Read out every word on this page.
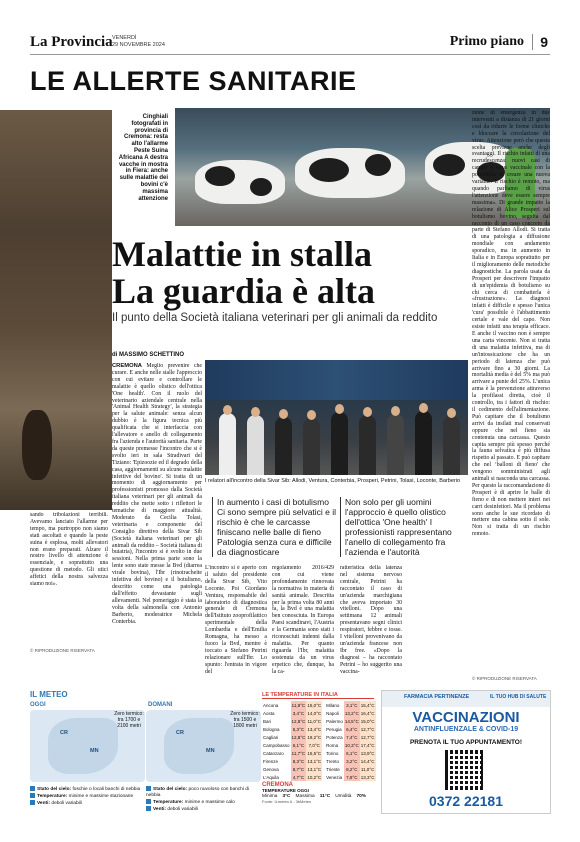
La Provincia VENERDÌ
29 NOVEMBRE 2024	Primo piano	9
LE ALLERTE SANITARIE
Cinghiali fotografati in provincia di Cremona: resta alto l'allarme Peste Suina Africana A destra vacche in mostra in Fiera: anche sulle malattie dei bovini c'è massima attenzione
Malattie in stalla
La guardia è alta
Il punto della Società italiana veterinari per gli animali da reddito
di MASSIMO SCHETTINO
I relatori all'incontro della Sivar Sib: Allodi, Ventura, Conterbia, Prosperi, Petrini, Tolasi, Loconte, Barberio
In aumento i casi di botulismo Ci sono sempre più selvatici e il rischio è che le carcasse finiscano nelle balle di fieno Patologia senza cura e difficile da diagnosticare
Non solo per gli uomini l'approccio è quello olistico dell'ottica 'One health' I professionisti rappresentano l'anello di collegamento fra l'azienda e l'autorità
CREMONA Meglio prevenire che curare. E anche nelle stalle l'approccio con cui evitare e controllare le malattie è quello olistico dell'ottica 'One health'. Con il ruolo del veterinario aziendale centrale nella 'Animal Health Strategy', la strategia per la salute animale: senza alcun dubbio è la figura tecnica più qualificata che si interfaccia con l'allevatore e anello di collegamento fra l'azienda e l'autorità sanitaria. Parte da queste premesse l'incontro che si è svolto ieri in sala Stradivari del Tiziano: 'Epizoozie ed il degrado della casa, aggiornamenti su alcune malattie infettive del bovino'. Si tratta di un momento di aggiornamento per professionisti promosso dalla Società italiana veterinari per gli animali da reddito che mette sotto i riflettori le tematiche di maggiore attualità. Moderato da Cecilia Tolasi, veterinaria e componente del Consiglio direttivo della Sivar Sib (Società italiana veterinari per gli animali da reddito – Società italiana di buiatria), l'incontro si è svolto in due sessioni. Nella prima parte sono la lente sono state messe la Bvd (diarrea virale bovina), l'Ibr (rinotracheite infettiva del bovino) e il botulismo, descritto come una patologia dall'effetto devastante sugli allevamenti. Nel pomeriggio è stata la volta della salmonella con Antonio Barberio, moderatrice Michela Conterbia.
sando tribolazioni terribili. Avevamo lanciato l'allarme per tempo, ma purtroppo non siamo stati ascoltati e quando la peste suina è esplosa, molti allevatori non erano preparati. Alzare il nostro livello di attenzione è essenziale, e soprattutto una questione di metodo. Gli utici affetici della nostra salvezza siamo noi».
© RIPRODUZIONE RISERVATA
L'incontro si è aperto con il saluto del presidente della Sivar Sib, Vito Loconte. Poi Giordano Ventura, responsabile del laboratorio di diagnostica generale di Cremona dell'Istituto zooprofilattico sperimentale della Lombardia e dell'Emilia Romagna, ha messo a fuoco la Bvd, mentre è toccato a Stefano Petrini relazionare sull'Ibr. Lo spunto: l'entrata in vigore del
regolamento 2016/429 con cui viene profondamente rinnovata la normativa in materia di sanità animale. Descritta per la prima volta 80 anni fa, la Bvd è una malattia ben conosciuta. In Europa Paesi scandinavi, l'Austria e la Germania sono stati i riconosciuti indenni dalla malattia. Per quanto riguarda l'Ibr, malattia sostenuta da un virus erpetico che, dunque, ha la ca-
ratteristica della latenza nel sistema nervoso centrale, Petrini ha raccontato il caso di un'azienda marchigiana che aveva importato 30 vitelloni. Dopo una settimana 12 animali presentavano segni clinici respiratori, febbre e tosse. I vitelloni provenivano da un'azienda francese non Ibr free. «Dopo la diagnosi – ha raccontato Petrini – ho suggerito una vaccina-
zione di emergenza in due interventi a distanza di 21 giorni così da ridurre le forme cliniche e bloccare la circolazione del virus. Attenzione però che questa scelta previene anche degli svantaggi. Il rischio infatti di una recrudescenza: nuovi casi di campo e virus vaccinale con la possibilità di creare una nuova variante. Il rischio è remoto, ma quando parliamo di virus l'attenzione deve essere sempre massima». Di grande impatto la relazione di Alice Prosperi sul botulismo bovino, seguita dal racconto di un caso concreto da parte di Stefano Allodi. Si tratta di una patologia a diffusione mondiale con andamento sporadico, ma in aumento in Italia e in Europa soprattutto per il miglioramento delle metodiche diagnostiche. La parola usata da Prosperi per descrivere l'impatto di un'epidemia di botulismo su chi cerca di combatterla è «frustrazione». La diagnosi infatti è difficile e spesso l'unica 'cura' possibile è l'abbattimento certale e vale del capo. Non esiste infatti una terapia efficace. E anche il vaccino non è sempre una carta vincente. Non si tratta di una malattia infettiva, ma di un'intossicazione che ha un periodo di latenza che può arrivare fino a 30 giorni. La mortalità media è del 5% ma può arrivare a punte del 25%. L'unica arma è la prevenzione attraverso la profilassi diretta, cioè il controllo, tra i fattori di rischio: il cedimento dell'alimentazione. Può capitare che il botulismo arrivi da insilati mal conservati oppure che nel fieno sia contenuta una carcassa. Questo capita sempre più spesso perché la fauna selvatica è più diffusa rispetto al passato. E può capitare che nel ‘balloni di fieno' che vengono somministrati agli animali si nasconda una carcassa. Per questo la raccomandazione di Prosperi è di aprire le balle di fieno e di non mettere interi nei carri desinfettori. Ma il problema sono anche le sue ricordato di mettere una cabina sotto il sole. Non si tratta di un rischio remoto.
© RIPRODUZIONE RISERVATA
IL METEO
OGGI
CR
MN
Zero termico: tra 1700 e 2100 metri
DOMANI
CR
MN
Zero termico: tra 1500 e 1800 metri
Stato del cielo: foschie o locali banchi di nebbia
Temperature: minime e massime stazionarie
Venti: deboli variabili
Stato del cielo: poco nuvoloso con banchi di nebbia
Temperature: minime e massime calo
Venti: deboli variabili
LE TEMPERATURE IN ITALIA
Ancona	11,8°C	15,0°C
Aosta	3,4°C	14,0°C
Bari	12,8°C	11,0°C
Bologna	5,3°C	13,4°C
Cagliari	12,8°C	19,2°C
Campobasso	6,1°C	7,0°C
Catanzaro	11,7°C	15,5°C
Firenze	8,3°C	13,1°C
Genova	8,7°C	13,1°C
L'Aquila	4,7°C	10,2°C
Milano	3,1°C	15,4°C
Napoli	13,2°C	16,4°C
Palermo	14,5°C	15,0°C
Perugia	6,4°C	12,7°C
Potenza	7,4°C	12,7°C
Roma	10,3°C	17,4°C
Torino	6,1°C	13,9°C
Trento	3,2°C	14,4°C
Trieste	8,2°C	11,0°C
Venezia	7,8°C	13,3°C
CREMONA
TEMPERATURE OGGI
Minima 3°C Massima 11°C Umidità 70%
Fonte: ILmeteo.it - 3bMeteo
FARMACIA PERTINENZE	IL TUO HUB DI SALUTE
VACCINAZIONI
ANTINFLUENZALE & COVID-19
PRENOTA IL TUO APPUNTAMENTO!
0372 22181
